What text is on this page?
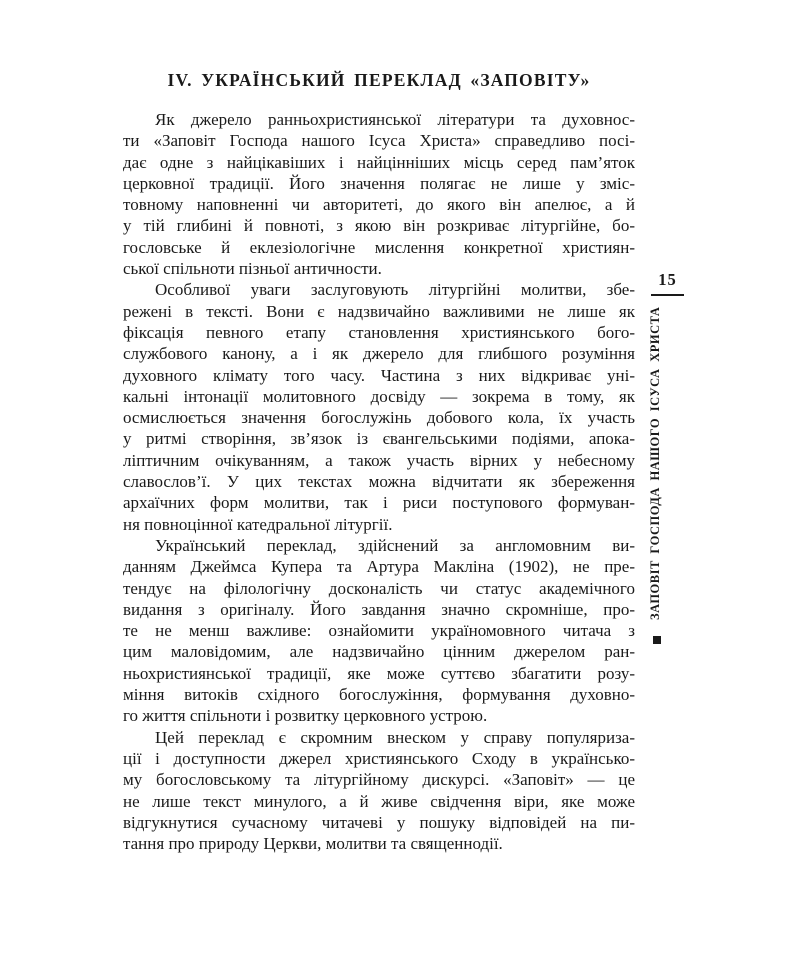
IV. УКРАЇНСЬКИЙ ПЕРЕКЛАД «ЗАПОВІТУ»
Як джерело ранньохристиянської літератури та духовнос-
ти «Заповіт Господа нашого Ісуса Христа» справедливо посі-
дає одне з найцікавіших і найцінніших місць серед пам’яток
церковної традиції. Його значення полягає не лише у зміс-
товному наповненні чи авторитеті, до якого він апелює, а й
у тій глибині й повноті, з якою він розкриває літургійне, бо-
гословське й еклезіологічне мислення конкретної християн-
ської спільноти пізньої античности.
Особливої уваги заслуговують літургійні молитви, збе-
режені в тексті. Вони є надзвичайно важливими не лише як
фіксація певного етапу становлення християнського бого-
службового канону, а і як джерело для глибшого розуміння
духовного клімату того часу. Частина з них відкриває уні-
кальні інтонації молитовного досвіду — зокрема в тому, як
осмислюється значення богослужінь добового кола, їх участь
у ритмі створіння, зв’язок із євангельськими подіями, апока-
ліптичним очікуванням, а також участь вірних у небесному
славослов’ї. У цих текстах можна відчитати як збереження
архаїчних форм молитви, так і риси поступового формуван-
ня повноцінної катедральної літургії.
Український переклад, здійснений за англомовним ви-
данням Джеймса Купера та Артура Макліна (1902), не пре-
тендує на філологічну досконалість чи статус академічного
видання з оригіналу. Його завдання значно скромніше, про-
те не менш важливе: ознайомити україномовного читача з
цим маловідомим, але надзвичайно цінним джерелом ран-
ньохристиянської традиції, яке може суттєво збагатити розу-
міння витоків східного богослужіння, формування духовно-
го життя спільноти і розвитку церковного устрою.
Цей переклад є скромним внеском у справу популяриза-
ції і доступности джерел християнського Сходу в українсько-
му богословському та літургійному дискурсі. «Заповіт» — це
не лише текст минулого, а й живе свідчення віри, яке може
відгукнутися сучасному читачеві у пошуку відповідей на пи-
тання про природу Церкви, молитви та священнодії.
15
ЗАПОВІТ ГОСПОДА НАШОГО ІСУСА ХРИСТА
